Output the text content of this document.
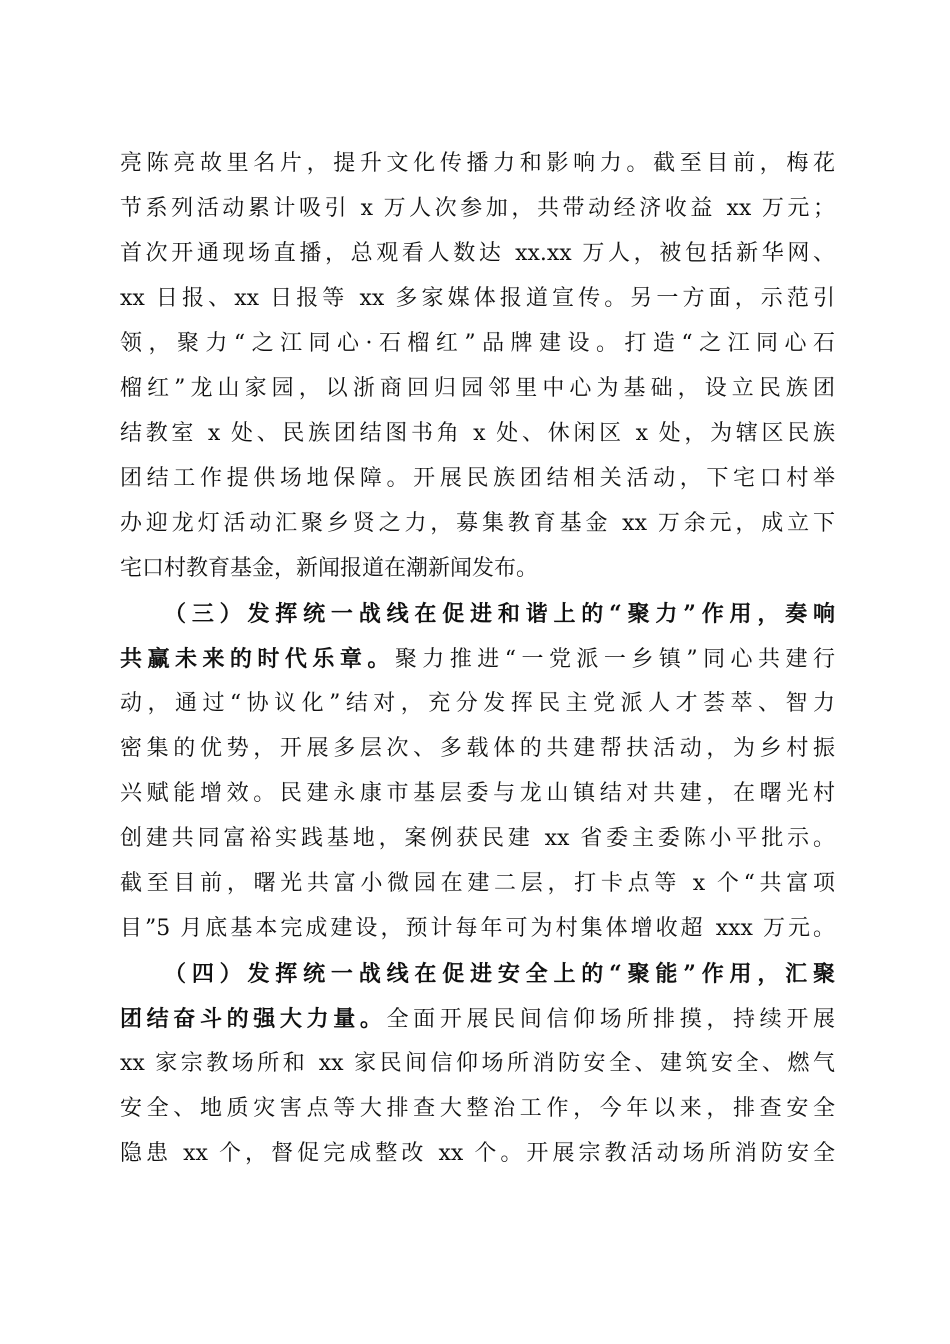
亮陈亮故里名片，提升文化传播力和影响力。截至目前，梅花
节系列活动累计吸引 x 万人次参加，共带动经济收益 xx 万元；
首次开通现场直播，总观看人数达 xx.xx 万人，被包括新华网、
xx 日报、xx 日报等 xx 多家媒体报道宣传。另一方面，示范引
领，聚力“之江同心·石榴红”品牌建设。打造“之江同心石
榴红”龙山家园，以浙商回归园邻里中心为基础，设立民族团
结教室 x 处、民族团结图书角 x 处、休闲区 x 处，为辖区民族
团结工作提供场地保障。开展民族团结相关活动，下宅口村举
办迎龙灯活动汇聚乡贤之力，募集教育基金 xx 万余元，成立下
宅口村教育基金，新闻报道在潮新闻发布。
（三）发挥统一战线在促进和谐上的“聚力”作用，奏响
共赢未来的时代乐章。聚力推进“一党派一乡镇”同心共建行
动，通过“协议化”结对，充分发挥民主党派人才荟萃、智力
密集的优势，开展多层次、多载体的共建帮扶活动，为乡村振
兴赋能增效。民建永康市基层委与龙山镇结对共建，在曙光村
创建共同富裕实践基地，案例获民建 xx 省委主委陈小平批示。
截至目前，曙光共富小微园在建二层，打卡点等 x 个“共富项
目”5 月底基本完成建设，预计每年可为村集体增收超 xxx 万元。
（四）发挥统一战线在促进安全上的“聚能”作用，汇聚
团结奋斗的强大力量。全面开展民间信仰场所排摸，持续开展
xx 家宗教场所和 xx 家民间信仰场所消防安全、建筑安全、燃气
安全、地质灾害点等大排查大整治工作，今年以来，排查安全
隐患 xx 个，督促完成整改 xx 个。开展宗教活动场所消防安全
